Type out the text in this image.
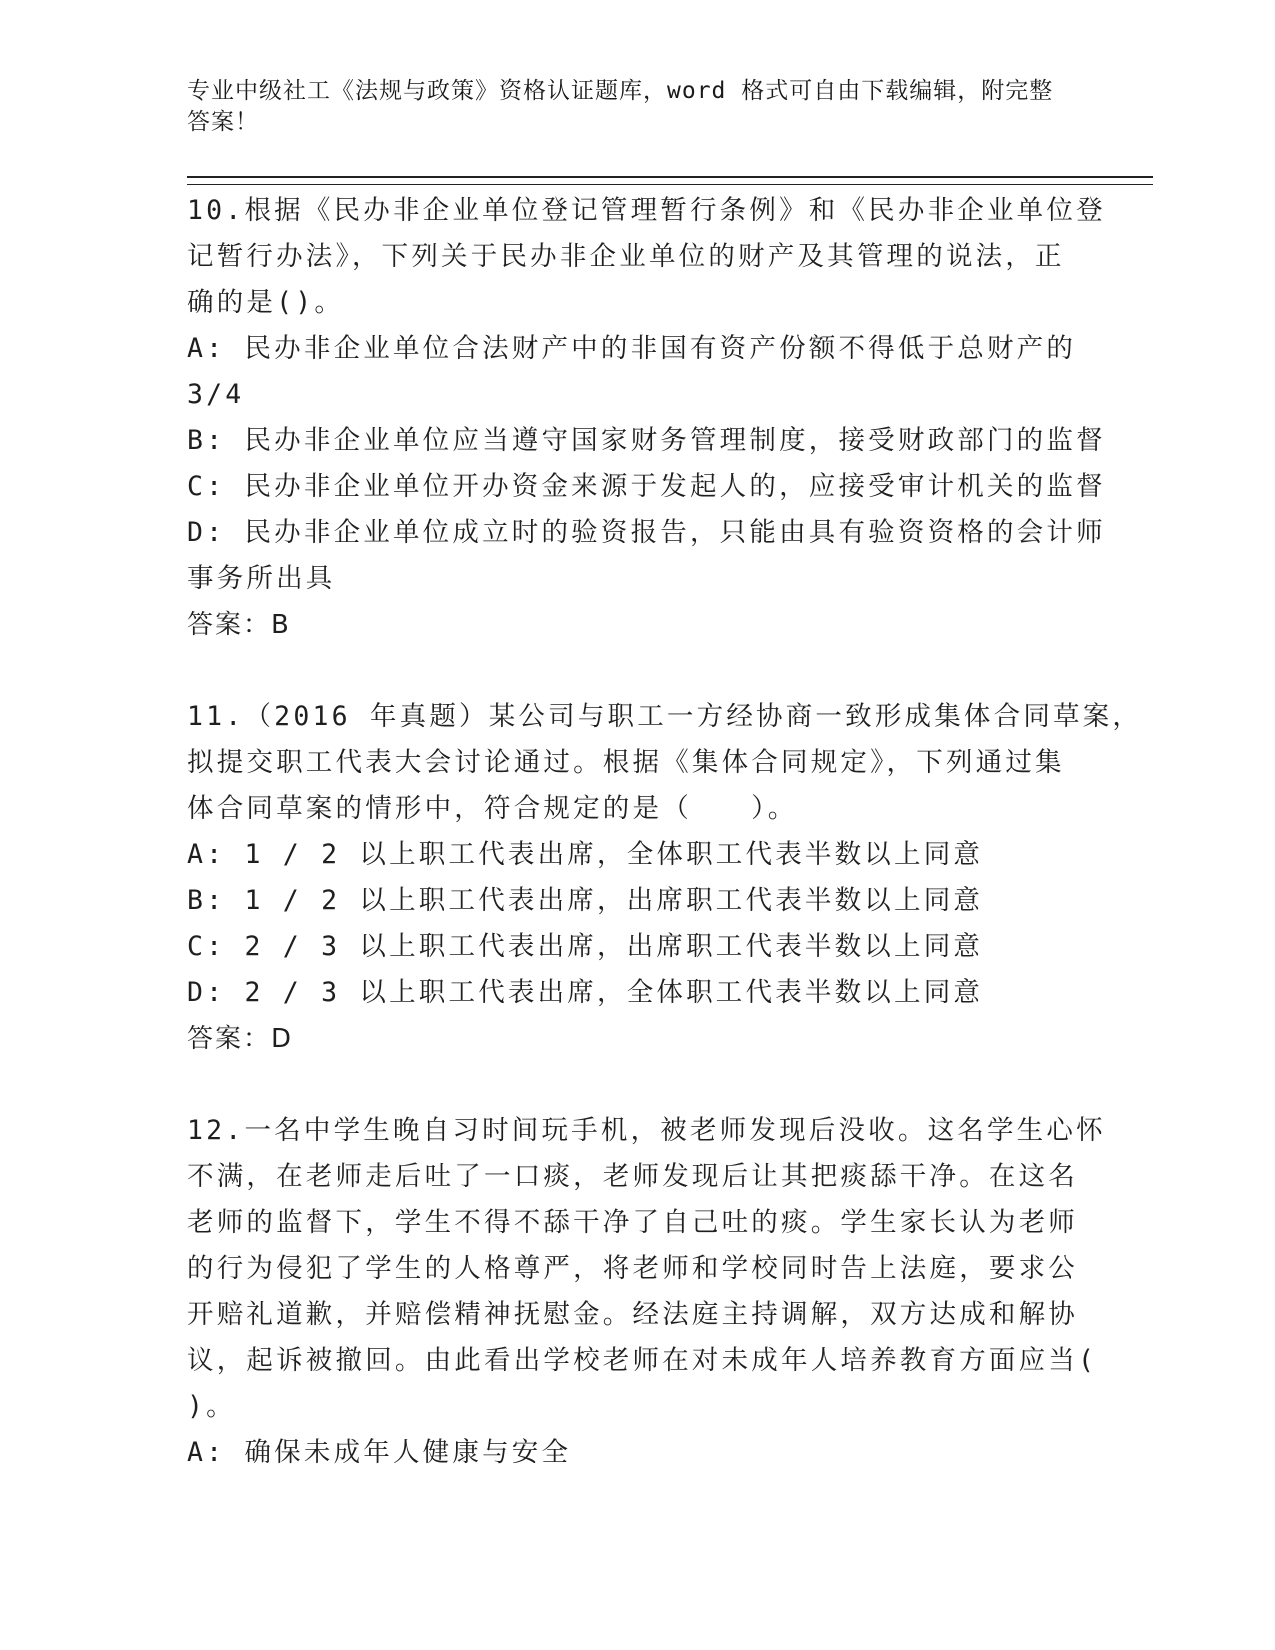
专业中级社工《法规与政策》资格认证题库，word 格式可自由下载编辑，附完整
答案！
10.根据《民办非企业单位登记管理暂行条例》和《民办非企业单位登
记暂行办法》，下列关于民办非企业单位的财产及其管理的说法，正
确的是()。
A: 民办非企业单位合法财产中的非国有资产份额不得低于总财产的
3/4
B: 民办非企业单位应当遵守国家财务管理制度，接受财政部门的监督
C: 民办非企业单位开办资金来源于发起人的，应接受审计机关的监督
D: 民办非企业单位成立时的验资报告，只能由具有验资资格的会计师
事务所出具
答案：B
11.（2016 年真题）某公司与职工一方经协商一致形成集体合同草案，
拟提交职工代表大会讨论通过。根据《集体合同规定》，下列通过集
体合同草案的情形中，符合规定的是（　　）。
A: 1 / 2 以上职工代表出席，全体职工代表半数以上同意
B: 1 / 2 以上职工代表出席，出席职工代表半数以上同意
C: 2 / 3 以上职工代表出席，出席职工代表半数以上同意
D: 2 / 3 以上职工代表出席，全体职工代表半数以上同意
答案：D
12.一名中学生晚自习时间玩手机，被老师发现后没收。这名学生心怀
不满，在老师走后吐了一口痰，老师发现后让其把痰舔干净。在这名
老师的监督下，学生不得不舔干净了自己吐的痰。学生家长认为老师
的行为侵犯了学生的人格尊严，将老师和学校同时告上法庭，要求公
开赔礼道歉，并赔偿精神抚慰金。经法庭主持调解，双方达成和解协
议，起诉被撤回。由此看出学校老师在对未成年人培养教育方面应当(
)。
A: 确保未成年人健康与安全
